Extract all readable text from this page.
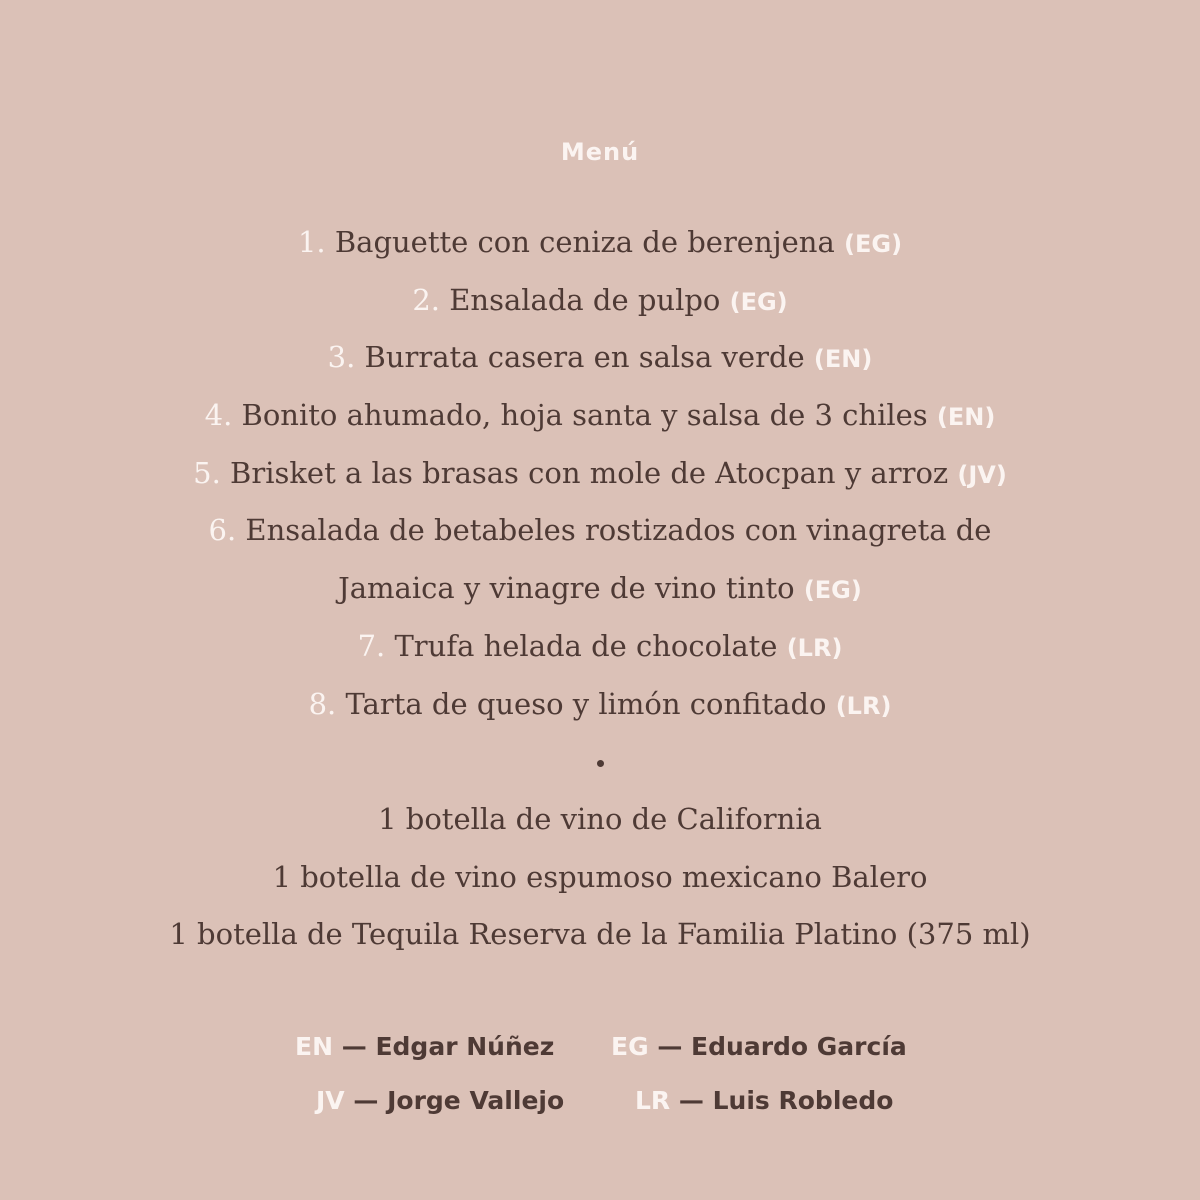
Menú
1. Baguette con ceniza de berenjena (EG)
2. Ensalada de pulpo (EG)
3. Burrata casera en salsa verde (EN)
4. Bonito ahumado, hoja santa y salsa de 3 chiles (EN)
5. Brisket a las brasas con mole de Atocpan y arroz (JV)
6. Ensalada de betabeles rostizados con vinagreta de
Jamaica y vinagre de vino tinto (EG)
7. Trufa helada de chocolate (LR)
8. Tarta de queso y limón confitado (LR)
1 botella de vino de California
1 botella de vino espumoso mexicano Balero
1 botella de Tequila Reserva de la Familia Platino (375 ml)
EN — Edgar Núñez EG — Eduardo García
JV — Jorge Vallejo	LR — Luis Robledo
